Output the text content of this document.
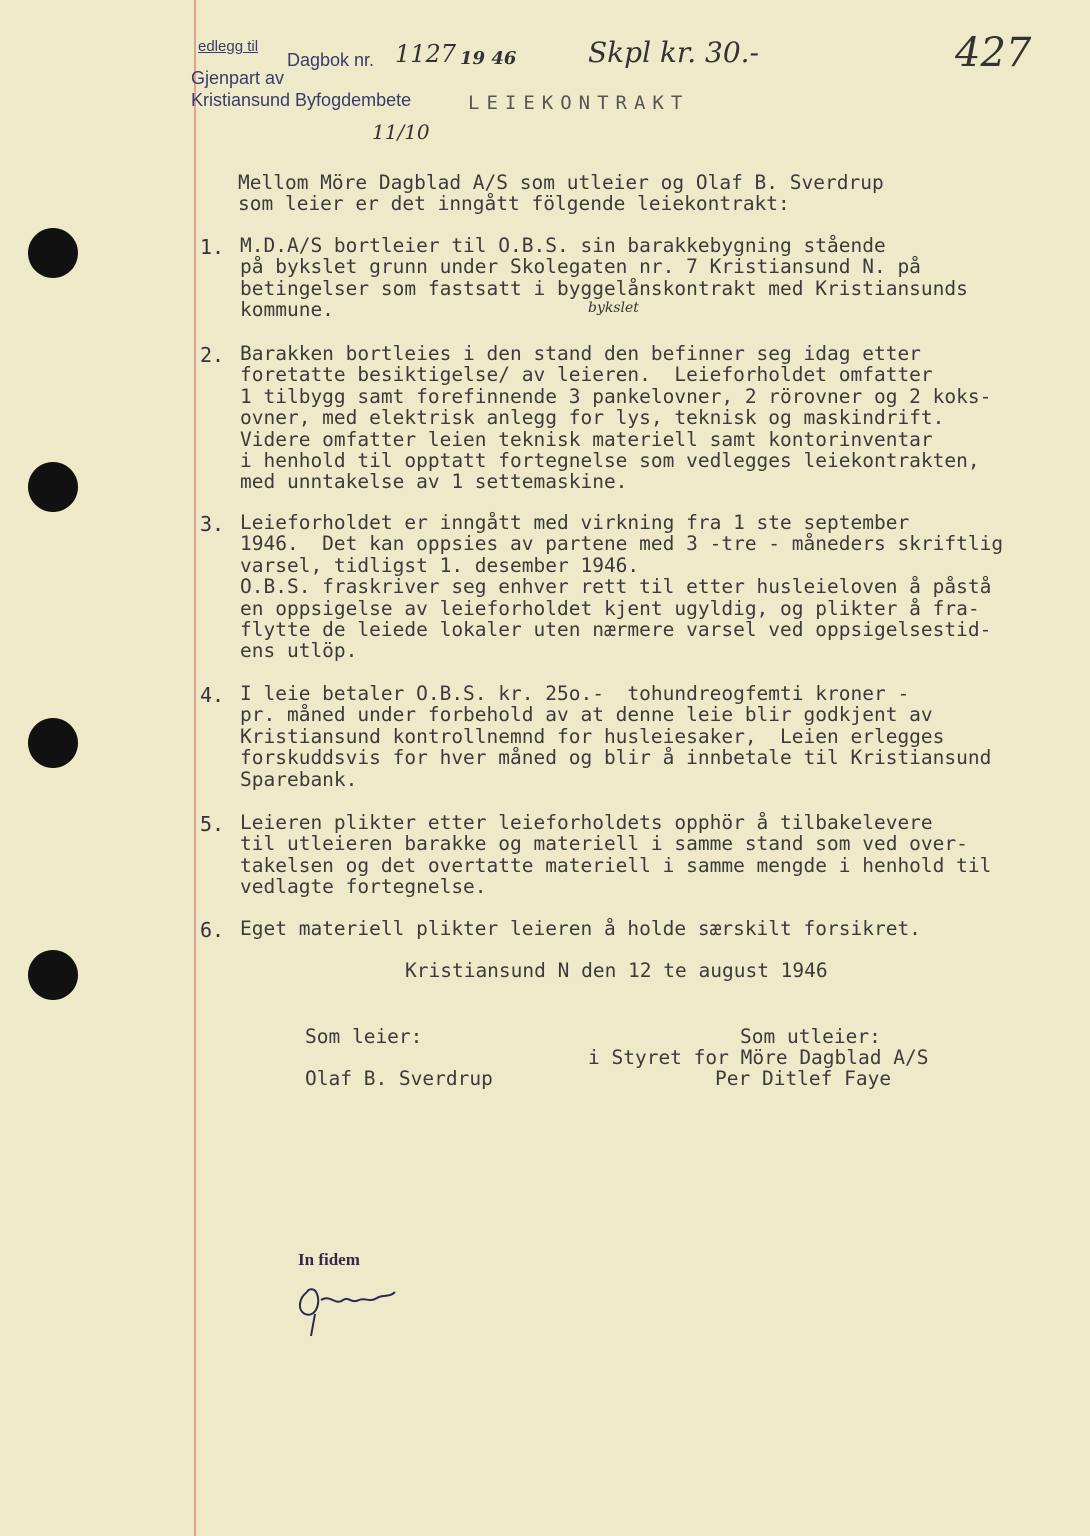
edlegg til
Dagbok nr. 1127 19 46
Gjenpart av
Kristiansund Byfogdembete
11/10
Skpl kr. 30.-	427
LEIEKONTRAKT
Mellom Möre Dagblad A/S som utleier og Olaf B. Sverdrup
som leier er det inngått fölgende leiekontrakt:
1. M.D.A/S bortleier til O.B.S. sin barakkebygning stående
på bykslet grunn under Skolegaten nr. 7 Kristiansund N. på
betingelser som fastsatt i byggelånskontrakt med Kristiansunds
kommune.	bykslet
2. Barakken bortleies i den stand den befinner seg idag etter
foretatte besiktigelse/ av leieren.  Leieforholdet omfatter
1 tilbygg samt forefinnende 3 pankelovner, 2 rörovner og 2 koks-
ovner, med elektrisk anlegg for lys, teknisk og maskindrift.
Videre omfatter leien teknisk materiell samt kontorinventar
i henhold til opptatt fortegnelse som vedlegges leiekontrakten,
med unntakelse av 1 settemaskine.
3. Leieforholdet er inngått med virkning fra 1 ste september
1946.  Det kan oppsies av partene med 3 -tre - måneders skriftlig
varsel, tidligst 1. desember 1946.
O.B.S. fraskriver seg enhver rett til etter husleieloven å påstå
en oppsigelse av leieforholdet kjent ugyldig, og plikter å fra-
flytte de leiede lokaler uten nærmere varsel ved oppsigelsestid-
ens utlöp.
4. I leie betaler O.B.S. kr. 25o.-  tohundreogfemti kroner -
pr. måned under forbehold av at denne leie blir godkjent av
Kristiansund kontrollnemnd for husleiesaker,  Leien erlegges
forskuddsvis for hver måned og blir å innbetale til Kristiansund
Sparebank.
5. Leieren plikter etter leieforholdets opphör å tilbakelevere
til utleieren barakke og materiell i samme stand som ved over-
takelsen og det overtatte materiell i samme mengde i henhold til
vedlagte fortegnelse.
6. Eget materiell plikter leieren å holde særskilt forsikret.
Kristiansund N den 12 te august 1946
Som leier:
Olaf B. Sverdrup
Som utleier:
i Styret for Möre Dagblad A/S
Per Ditlef Faye
In fidem
